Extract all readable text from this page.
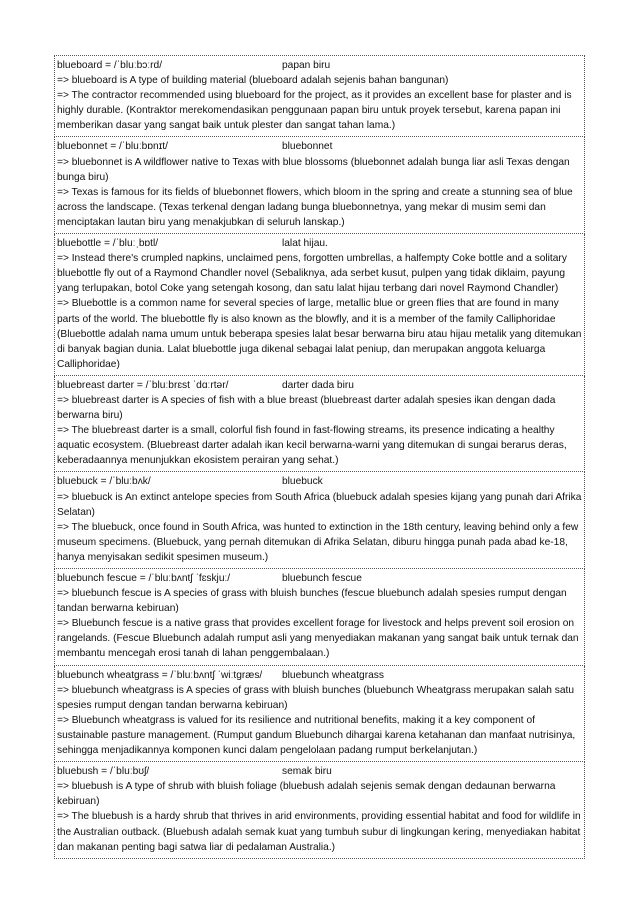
blueboard = /ˈbluːbɔːrd/	papan biru
=> blueboard is A type of building material (blueboard adalah sejenis bahan bangunan)
=> The contractor recommended using blueboard for the project, as it provides an excellent base for plaster and is highly durable. (Kontraktor merekomendasikan penggunaan papan biru untuk proyek tersebut, karena papan ini memberikan dasar yang sangat baik untuk plester dan sangat tahan lama.)
bluebonnet = /ˈbluːbɒnɪt/	bluebonnet
=> bluebonnet is A wildflower native to Texas with blue blossoms (bluebonnet adalah bunga liar asli Texas dengan bunga biru)
=> Texas is famous for its fields of bluebonnet flowers, which bloom in the spring and create a stunning sea of blue across the landscape. (Texas terkenal dengan ladang bunga bluebonnetnya, yang mekar di musim semi dan menciptakan lautan biru yang menakjubkan di seluruh lanskap.)
bluebottle = /ˈbluːˌbɒtl/	lalat hijau.
=> Instead there's crumpled napkins, unclaimed pens, forgotten umbrellas, a halfempty Coke bottle and a solitary bluebottle fly out of a Raymond Chandler novel (Sebaliknya, ada serbet kusut, pulpen yang tidak diklaim, payung yang terlupakan, botol Coke yang setengah kosong, dan satu lalat hijau terbang dari novel Raymond Chandler)
=> Bluebottle is a common name for several species of large, metallic blue or green flies that are found in many parts of the world. The bluebottle fly is also known as the blowfly, and it is a member of the family Calliphoridae (Bluebottle adalah nama umum untuk beberapa spesies lalat besar berwarna biru atau hijau metalik yang ditemukan di banyak bagian dunia. Lalat bluebottle juga dikenal sebagai lalat peniup, dan merupakan anggota keluarga Calliphoridae)
bluebreast darter = /ˈbluːbrɛst ˈdɑːrtər/	darter dada biru
=> bluebreast darter is A species of fish with a blue breast (bluebreast darter adalah spesies ikan dengan dada berwarna biru)
=> The bluebreast darter is a small, colorful fish found in fast-flowing streams, its presence indicating a healthy aquatic ecosystem. (Bluebreast darter adalah ikan kecil berwarna-warni yang ditemukan di sungai berarus deras, keberadaannya menunjukkan ekosistem perairan yang sehat.)
bluebuck = /ˈbluːbʌk/	bluebuck
=> bluebuck is An extinct antelope species from South Africa (bluebuck adalah spesies kijang yang punah dari Afrika Selatan)
=> The bluebuck, once found in South Africa, was hunted to extinction in the 18th century, leaving behind only a few museum specimens. (Bluebuck, yang pernah ditemukan di Afrika Selatan, diburu hingga punah pada abad ke-18, hanya menyisakan sedikit spesimen museum.)
bluebunch fescue = /ˈbluːbʌntʃ ˈfɛskjuː/	bluebunch fescue
=> bluebunch fescue is A species of grass with bluish bunches (fescue bluebunch adalah spesies rumput dengan tandan berwarna kebiruan)
=> Bluebunch fescue is a native grass that provides excellent forage for livestock and helps prevent soil erosion on rangelands. (Fescue Bluebunch adalah rumput asli yang menyediakan makanan yang sangat baik untuk ternak dan membantu mencegah erosi tanah di lahan penggembalaan.)
bluebunch wheatgrass = /ˈbluːbʌntʃ ˈwiːtɡræs/	bluebunch wheatgrass
=> bluebunch wheatgrass is A species of grass with bluish bunches (bluebunch Wheatgrass merupakan salah satu spesies rumput dengan tandan berwarna kebiruan)
=> Bluebunch wheatgrass is valued for its resilience and nutritional benefits, making it a key component of sustainable pasture management. (Rumput gandum Bluebunch dihargai karena ketahanan dan manfaat nutrisinya, sehingga menjadikannya komponen kunci dalam pengelolaan padang rumput berkelanjutan.)
bluebush = /ˈbluːbʊʃ/	semak biru
=> bluebush is A type of shrub with bluish foliage (bluebush adalah sejenis semak dengan dedaunan berwarna kebiruan)
=> The bluebush is a hardy shrub that thrives in arid environments, providing essential habitat and food for wildlife in the Australian outback. (Bluebush adalah semak kuat yang tumbuh subur di lingkungan kering, menyediakan habitat dan makanan penting bagi satwa liar di pedalaman Australia.)
